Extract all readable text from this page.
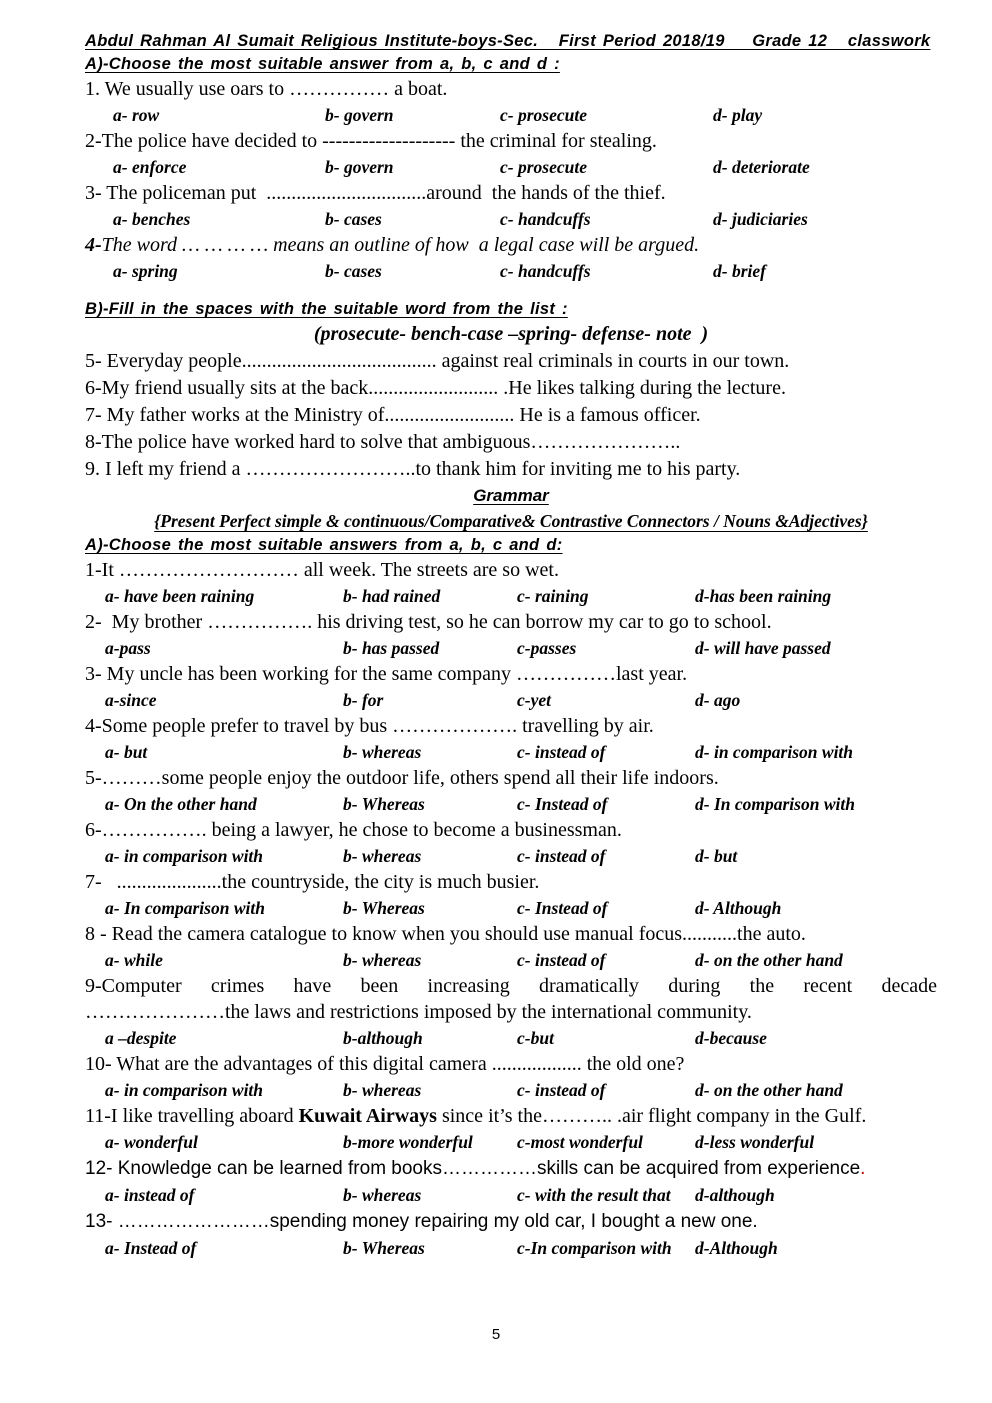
Abdul Rahman Al Sumait Religious Institute-boys-Sec.   First Period 2018/19    Grade 12   classwork
A)-Choose the most suitable answer from a, b, c and d :
1. We usually use oars to …………… a boat.
a- row	b- govern	c- prosecute	d- play
2-The police have decided to -------------------- the criminal for stealing.
a- enforce	b- govern	c- prosecute	d- deteriorate
3- The policeman put  ................................around  the hands of the thief.
a- benches	b- cases	c- handcuffs	d- judiciaries
4-The word … … … … means an outline of how  a legal case will be argued.
a- spring	b- cases	c- handcuffs	d- brief
B)-Fill in the spaces with the suitable word from the list :
(prosecute- bench-case –spring- defense- note  )
5- Everyday people....................................... against real criminals in courts in our town.
6-My friend usually sits at the back.......................... .He likes talking during the lecture.
7- My father works at the Ministry of.......................... He is a famous officer.
8-The police have worked hard to solve that ambiguous…………………..
9. I left my friend a ……………………..to thank him for inviting me to his party.
Grammar
{Present Perfect simple & continuous/Comparative& Contrastive Connectors / Nouns &Adjectives}
A)-Choose the most suitable answers from a, b, c and d:
1-It ……………………… all week. The streets are so wet.
a- have been raining	b- had rained	c- raining	d-has been raining
2-  My brother ……………. his driving test, so he can borrow my car to go to school.
a-pass	b- has passed	c-passes	d- will have passed
3- My uncle has been working for the same company ……………last year.
a-since	b- for	c-yet	d- ago
4-Some people prefer to travel by bus ………………. travelling by air.
a- but	b- whereas	c- instead of	d- in comparison with
5-………some people enjoy the outdoor life, others spend all their life indoors.
a- On the other hand	b- Whereas	c- Instead of	d- In comparison with
6-……………. being a lawyer, he chose to become a businessman.
a- in comparison with	b- whereas	c- instead of	d- but
7-   .....................the countryside, the city is much busier.
a- In comparison with	b- Whereas	c- Instead of	d- Although
8 - Read the camera catalogue to know when you should use manual focus...........the auto.
a- while	b- whereas	c- instead of	d- on the other hand
9-Computer crimes have been increasing dramatically during the recent decade
…………………the laws and restrictions imposed by the international community.
a –despite	b-although	c-but	d-because
10- What are the advantages of this digital camera .................. the old one?
a- in comparison with	b- whereas	c- instead of	d- on the other hand
11-I like travelling aboard Kuwait Airways since it’s the……….. .air flight company in the Gulf.
a- wonderful	b-more wonderful	c-most wonderful	d-less wonderful
12- Knowledge can be learned from books……………skills can be acquired from experience.
a- instead of	b- whereas	c- with the result that	d-although
13- ……………………spending money repairing my old car, I bought a new one.
a- Instead of	b- Whereas	c-In comparison with	d-Although
5
